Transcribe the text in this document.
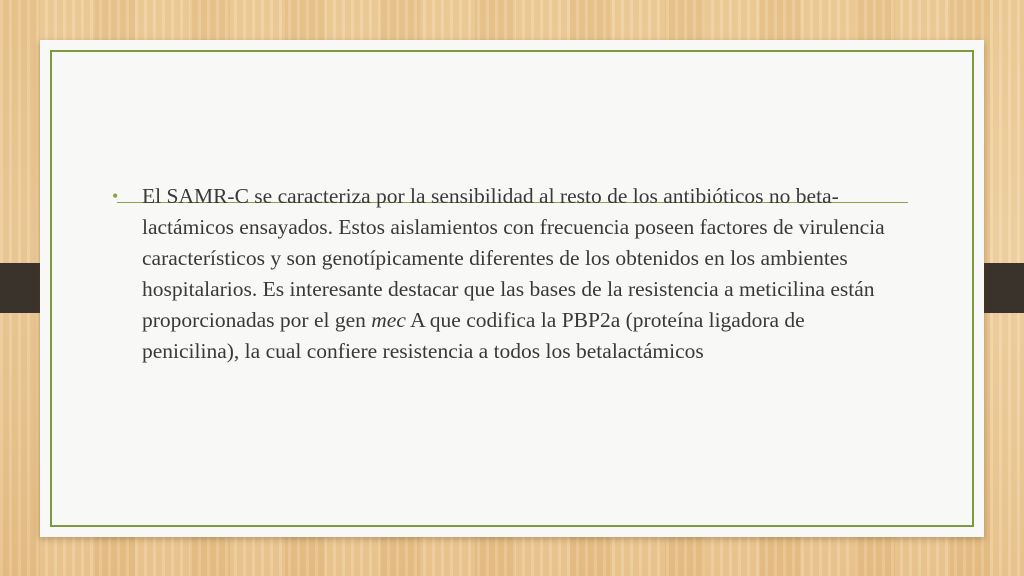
• El SAMR-C se caracteriza por la sensibilidad al resto de los antibióticos no beta-lactámicos ensayados. Estos aislamientos con frecuencia poseen factores de virulencia característicos y son genotípicamente diferentes de los obtenidos en los ambientes hospitalarios. Es interesante destacar que las bases de la resistencia a meticilina están proporcionadas por el gen mec A que codifica la PBP2a (proteína ligadora de penicilina), la cual confiere resistencia a todos los betalactámicos
